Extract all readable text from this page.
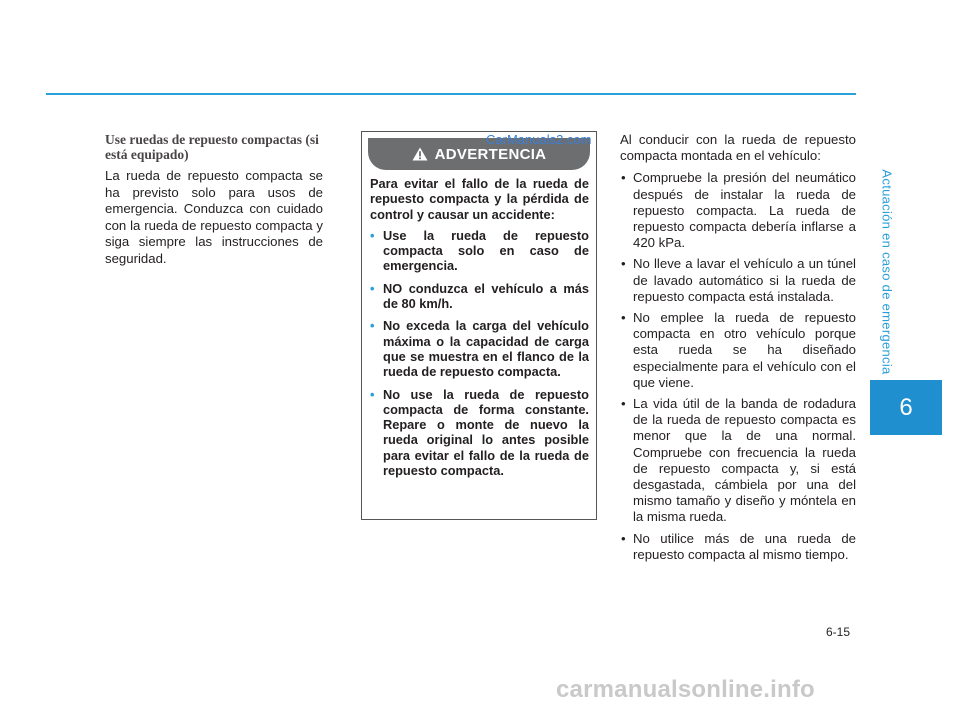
Actuación en caso de emergencia
6
Use ruedas de repuesto compactas (si está equipado)

La rueda de repuesto compacta se ha previsto solo para usos de emergencia. Conduzca con cuidado con la rueda de repuesto compacta y siga siempre las instrucciones de seguridad.

ADVERTENCIA

Para evitar el fallo de la rueda de repuesto compacta y la pérdida de control y causar un accidente:

• Use la rueda de repuesto compacta solo en caso de emergencia.
• NO conduzca el vehículo a más de 80 km/h.
• No exceda la carga del vehículo máxima o la capacidad de carga que se muestra en el flanco de la rueda de repuesto compacta.
• No use la rueda de repuesto compacta de forma constante. Repare o monte de nuevo la rueda original lo antes posible para evitar el fallo de la rueda de repuesto compacta.
CarManuals2.com Al conducir con la rueda de repuesto compacta montada en el vehículo:

• Compruebe la presión del neumático después de instalar la rueda de repuesto compacta. La rueda de repuesto compacta debería inflarse a 420 kPa.
• No lleve a lavar el vehículo a un túnel de lavado automático si la rueda de repuesto compacta está instalada.
• No emplee la rueda de repuesto compacta en otro vehículo porque esta rueda se ha diseñado especialmente para el vehículo con el que viene.
• La vida útil de la banda de rodadura de la rueda de repuesto compacta es menor que la de una normal. Compruebe con frecuencia la rueda de repuesto compacta y, si está desgastada, cámbiela por una del mismo tamaño y diseño y móntela en la misma rueda.
• No utilice más de una rueda de repuesto compacta al mismo tiempo.
6-15
carmanualsonline.info
